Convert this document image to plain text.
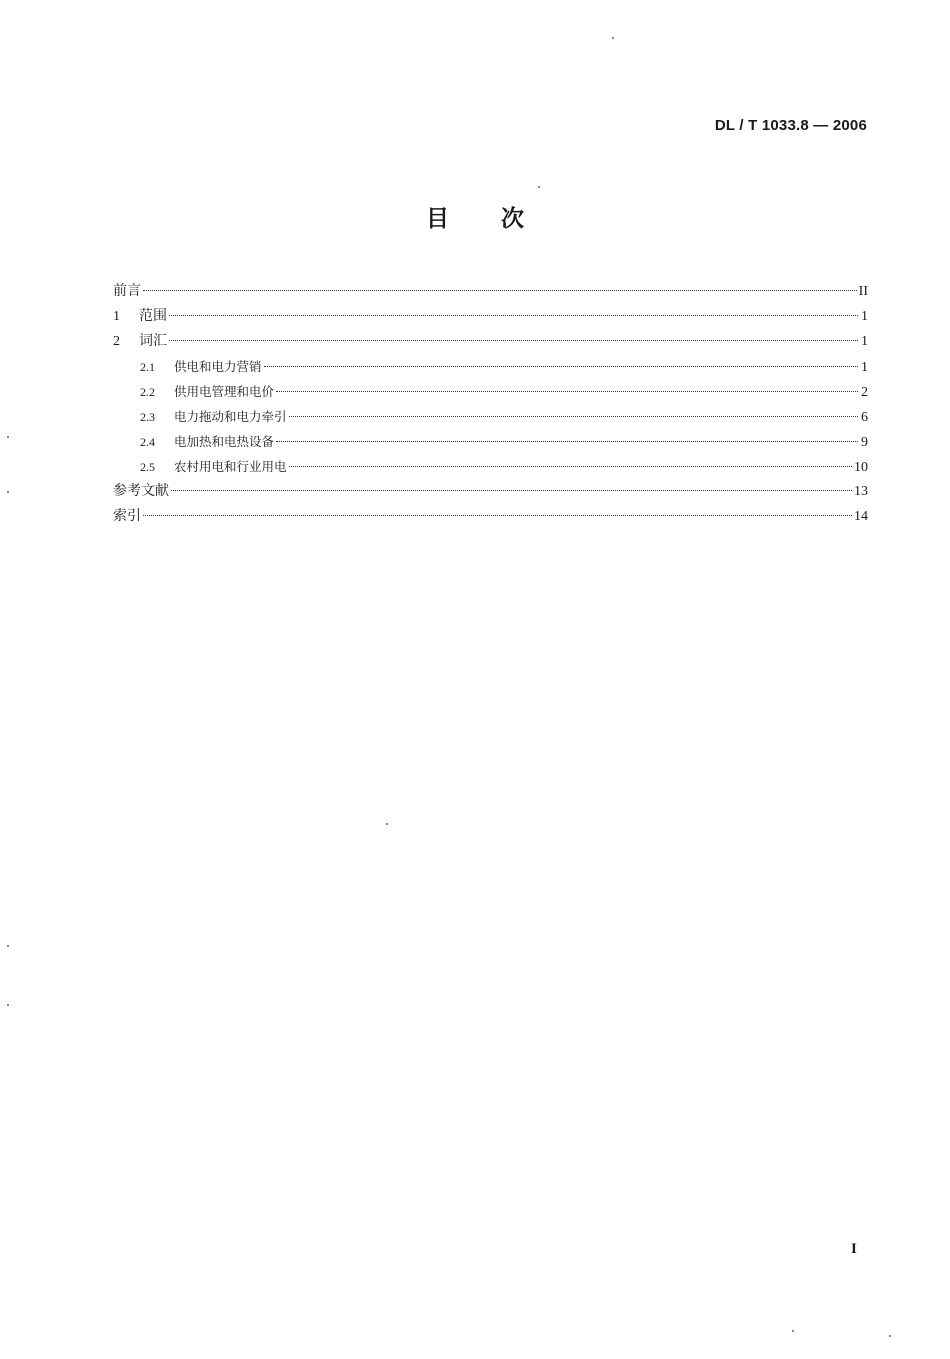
DL / T 1033.8 — 2006
目 次
前言	II
1	范围	1
2	词汇	1
2.1	供电和电力营销	1
2.2	供用电管理和电价	2
2.3	电力拖动和电力牵引	6
2.4	电加热和电热设备	9
2.5	农村用电和行业用电	10
参考文献	13
索引	14
I
